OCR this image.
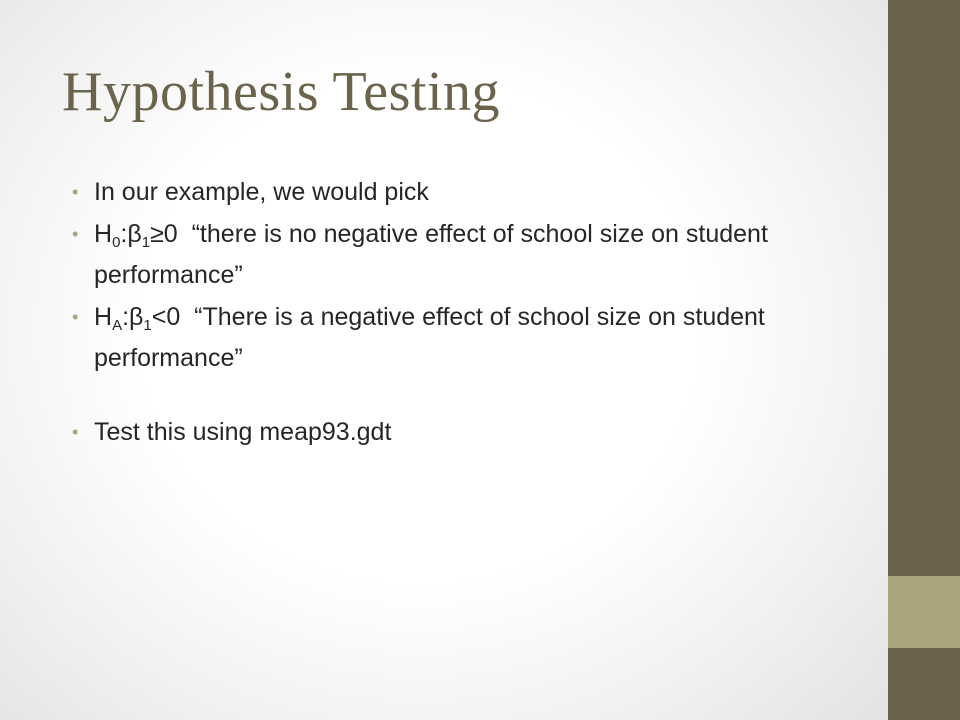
Hypothesis Testing
• In our example, we would pick
• $H_0:\beta_1\ge 0$ “there is no negative effect of school size on student performance”
• $H_A:\beta_1<0$ “There is a negative effect of school size on student performance”
• Test this using meap93.gdt
